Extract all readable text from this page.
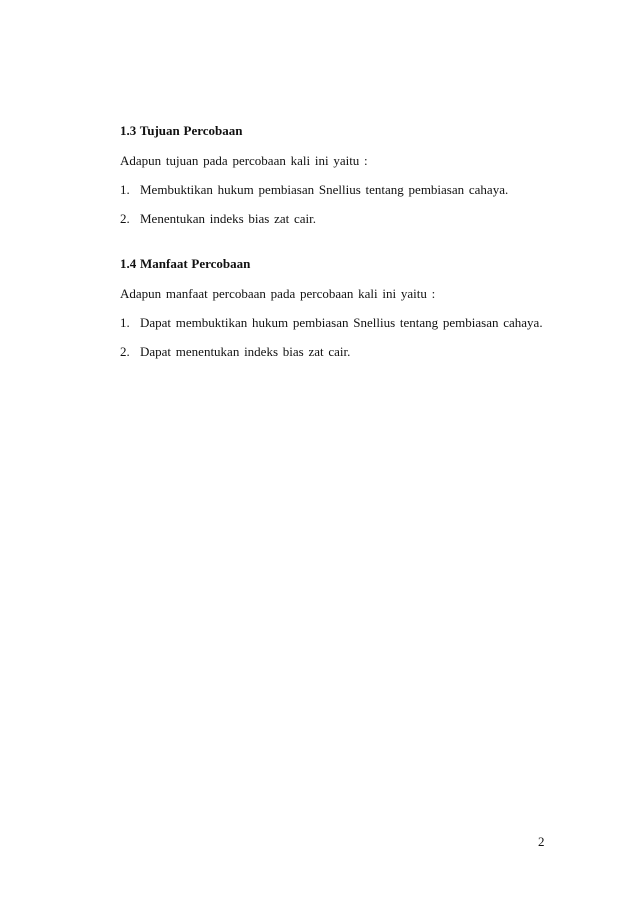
1.3 Tujuan Percobaan
Adapun tujuan pada percobaan kali ini yaitu :
1. Membuktikan hukum pembiasan Snellius tentang pembiasan cahaya.
2. Menentukan indeks bias zat cair.
1.4 Manfaat Percobaan
Adapun manfaat percobaan pada percobaan kali ini yaitu :
1. Dapat membuktikan hukum pembiasan Snellius tentang pembiasan cahaya.
2. Dapat menentukan indeks bias zat cair.
2
